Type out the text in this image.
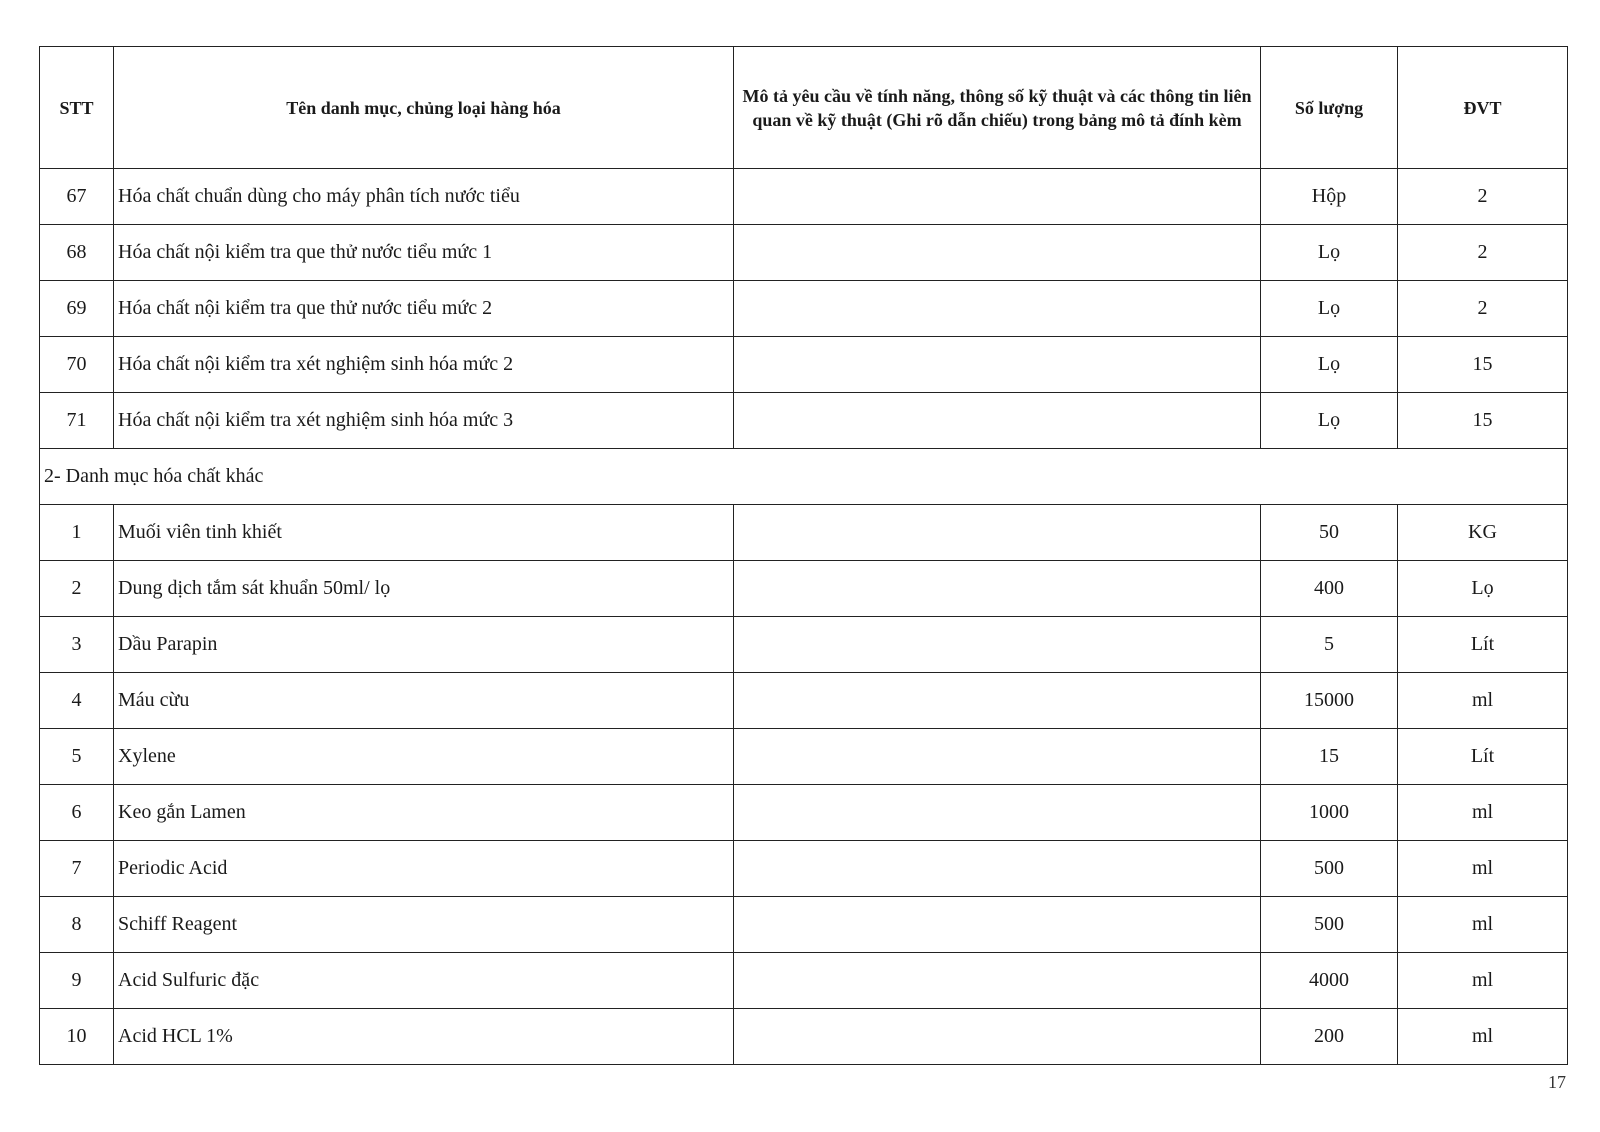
STT	Tên danh mục, chủng loại hàng hóa	Mô tả yêu cầu về tính năng, thông số kỹ thuật và các thông tin liên quan về kỹ thuật (Ghi rõ dẫn chiếu) trong bảng mô tả đính kèm	Số lượng	ĐVT
67	Hóa chất chuẩn dùng cho máy phân tích nước tiểu		Hộp	2
68	Hóa chất nội kiểm tra que thử nước tiểu mức 1		Lọ	2
69	Hóa chất nội kiểm tra que thử nước tiểu mức 2		Lọ	2
70	Hóa chất nội kiểm tra xét nghiệm sinh hóa mức 2		Lọ	15
71	Hóa chất nội kiểm tra xét nghiệm sinh hóa mức 3		Lọ	15
2- Danh mục hóa chất khác				
1	Muối viên tinh khiết		50	KG
2	Dung dịch tắm sát khuẩn 50ml/ lọ		400	Lọ
3	Dầu Parapin		5	Lít
4	Máu cừu		15000	ml
5	Xylene		15	Lít
6	Keo gắn Lamen		1000	ml
7	Periodic Acid		500	ml
8	Schiff Reagent		500	ml
9	Acid Sulfuric đặc		4000	ml
10	Acid HCL 1%		200	ml
17
